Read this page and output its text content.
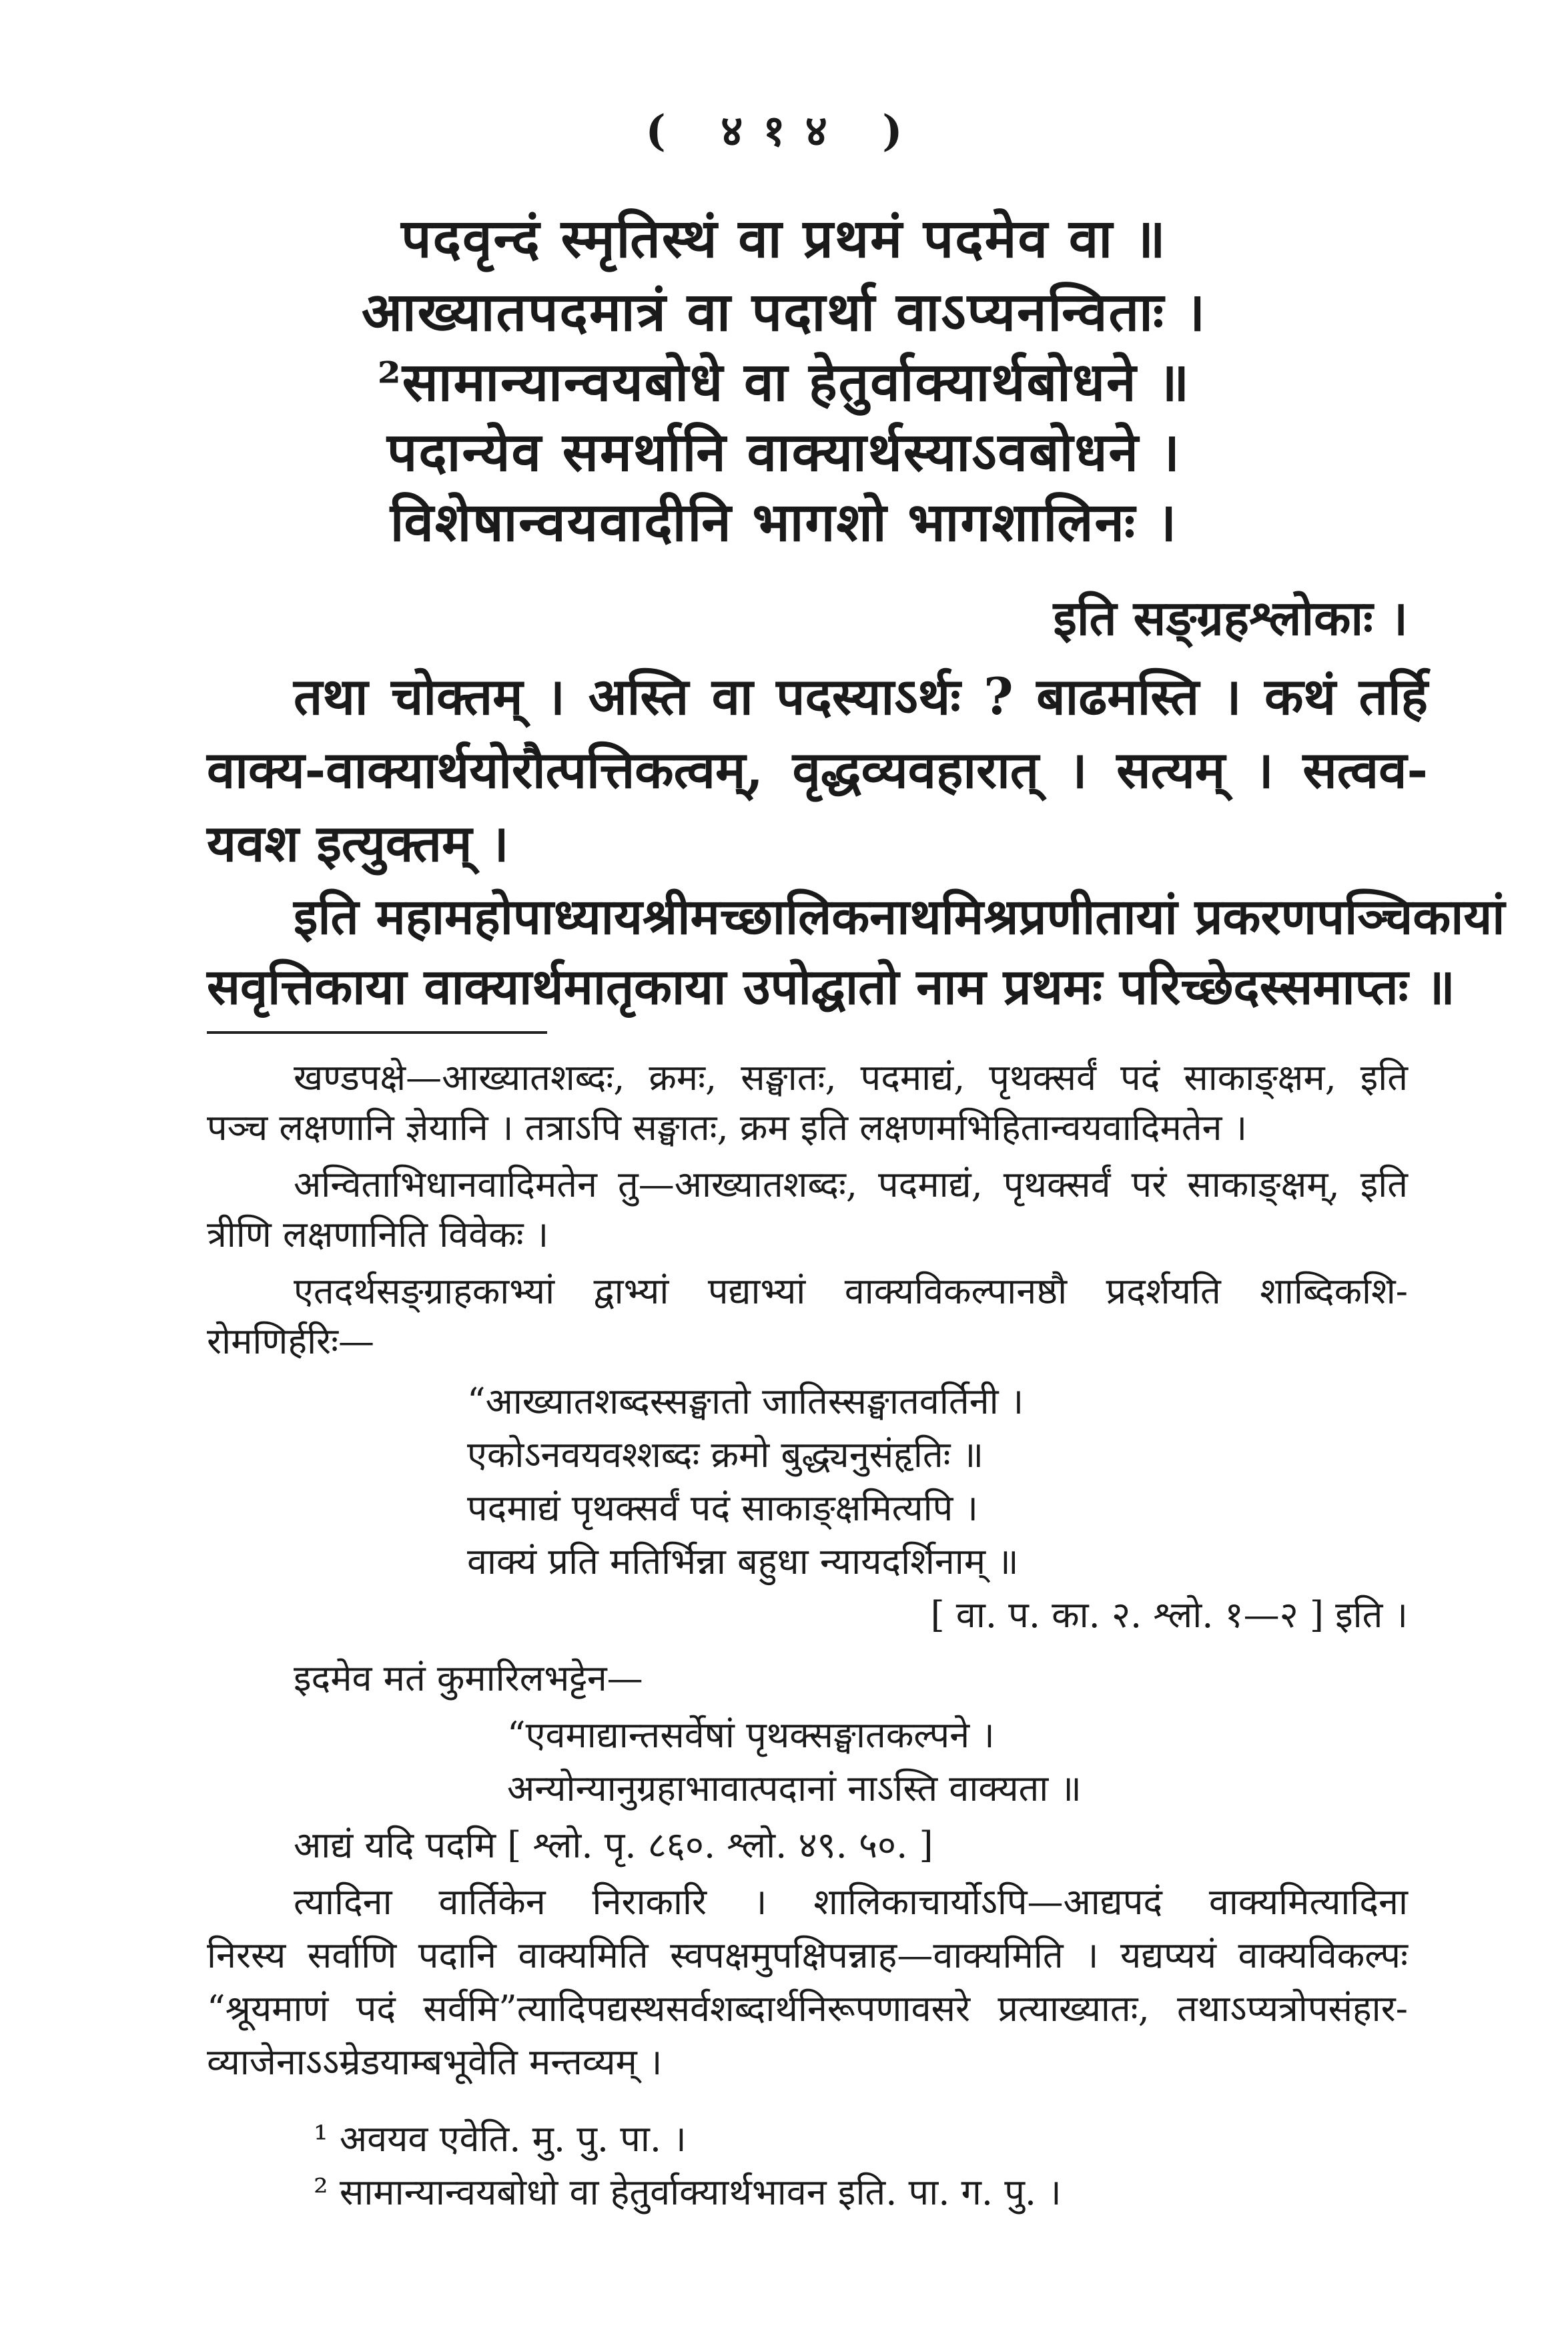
( ४१४ )
पदवृन्दं स्मृतिस्थं वा प्रथमं पदमेव वा ॥
आख्यातपदमात्रं वा पदार्था वाऽप्यनन्विताः ।
²सामान्यान्वयबोधे वा हेतुर्वाक्यार्थबोधने ॥
पदान्येव समर्थानि वाक्यार्थस्याऽवबोधने ।
विशेषान्वयवादीनि भागशो भागशालिनः ।
इति सङ्ग्रहश्लोकाः ।
तथा चोक्तम् । अस्ति वा पदस्याऽर्थः ? बाढमस्ति । कथं तर्हि
वाक्य-वाक्यार्थयोरौत्पत्तिकत्वम्, वृद्धव्यवहारात् । सत्यम् । सत्वव-
यवश इत्युक्तम् ।
इति महामहोपाध्यायश्रीमच्छालिकनाथमिश्रप्रणीतायां प्रकरणपञ्चिकायां
सवृत्तिकाया वाक्यार्थमातृकाया उपोद्घातो नाम प्रथमः परिच्छेदस्समाप्तः ॥
खण्डपक्षे—आख्यातशब्दः, क्रमः, सङ्घातः, पदमाद्यं, पृथक्सर्वं पदं साकाङ्क्षम, इति
पञ्च लक्षणानि ज्ञेयानि । तत्राऽपि सङ्घातः, क्रम इति लक्षणमभिहितान्वयवादिमतेन ।
अन्विताभिधानवादिमतेन तु—आख्यातशब्दः, पदमाद्यं, पृथक्सर्वं परं साकाङ्क्षम्, इति
त्रीणि लक्षणानिति विवेकः ।
एतदर्थसङ्ग्राहकाभ्यां द्वाभ्यां पद्याभ्यां वाक्यविकल्पानष्ठौ प्रदर्शयति शाब्दिकशि-
रोमणिर्हरिः—
“आख्यातशब्दस्सङ्घातो जातिस्सङ्घातवर्तिनी ।
एकोऽनवयवश्शब्दः क्रमो बुद्ध्यनुसंहृतिः ॥
पदमाद्यं पृथक्सर्वं पदं साकाङ्क्षमित्यपि ।
वाक्यं प्रति मतिर्भिन्ना बहुधा न्यायदर्शिनाम् ॥
[ वा. प. का. २. श्लो. १—२ ] इति ।
इदमेव मतं कुमारिलभट्टेन—
“एवमाद्यान्तसर्वेषां पृथक्सङ्घातकल्पने ।
अन्योन्यानुग्रहाभावात्पदानां नाऽस्ति वाक्यता ॥
आद्यं यदि पदमि [ श्लो. पृ. ८६०. श्लो. ४९. ५०. ]
त्यादिना वार्तिकेन निराकारि । शालिकाचार्योऽपि—आद्यपदं वाक्यमित्यादिना
निरस्य सर्वाणि पदानि वाक्यमिति स्वपक्षमुपक्षिपन्नाह—वाक्यमिति । यद्यप्ययं वाक्यविकल्पः
“श्रूयमाणं पदं सर्वमि”त्यादिपद्यस्थसर्वशब्दार्थनिरूपणावसरे प्रत्याख्यातः, तथाऽप्यत्रोपसंहार-
व्याजेनाऽऽम्रेडयाम्बभूवेति मन्तव्यम् ।
¹ अवयव एवेति. मु. पु. पा. ।
² सामान्यान्वयबोधो वा हेतुर्वाक्यार्थभावन इति. पा. ग. पु. ।
